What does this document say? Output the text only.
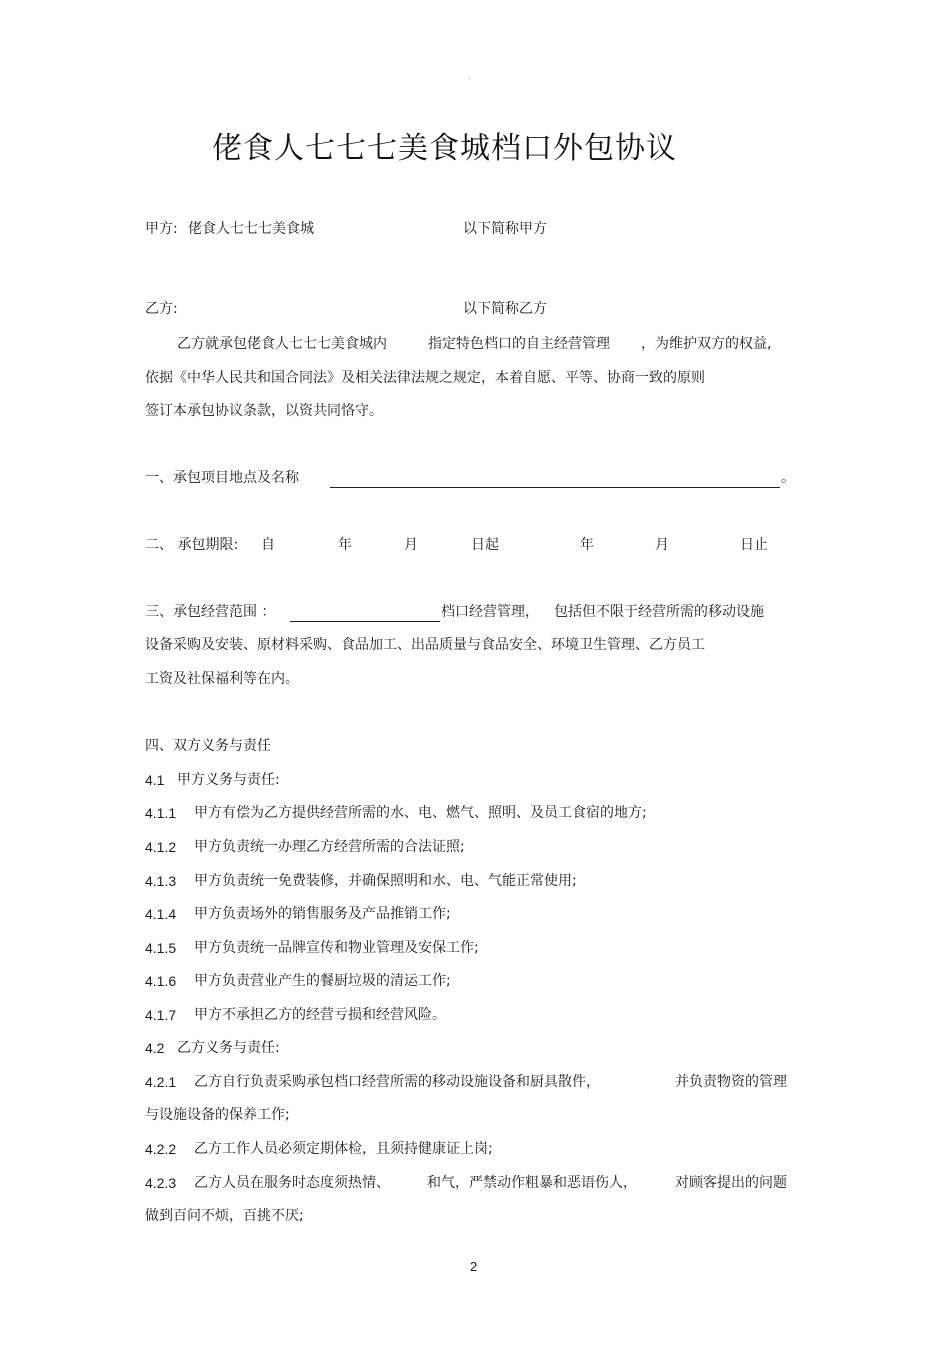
。
佬食人七七七美食城档口外包协议
甲方: 佬食人七七七美食城	以下简称甲方
乙方:	以下简称乙方
乙方就承包佬食人七七七美食城内	指定特色档口的自主经营管理 ，为维护双方的权益,
依据《中华人民共和国合同法》及相关法律法规之规定，本着自愿、平等、协商一致的原则
签订本承包协议条款，以资共同恪守。
一、承包项目地点及名称	。
二、 承包期限: 自	年	月	日起	年	月	日止
三、承包经营范围 ：	档口经营管理， 包括但不限于经营所需的移动设施
设备采购及安装、原材料采购、食品加工、出品质量与食品安全、环境卫生管理、乙方员工
工资及社保福利等在内。
四、双方义务与责任
4.1 甲方义务与责任:
4.1.1 甲方有偿为乙方提供经营所需的水、电、燃气、照明、及员工食宿的地方;
4.1.2 甲方负责统一办理乙方经营所需的合法证照;
4.1.3 甲方负责统一免费装修，并确保照明和水、电、气能正常使用;
4.1.4 甲方负责场外的销售服务及产品推销工作;
4.1.5 甲方负责统一品牌宣传和物业管理及安保工作;
4.1.6 甲方负责营业产生的餐厨垃圾的清运工作;
4.1.7 甲方不承担乙方的经营亏损和经营风险。
4.2 乙方义务与责任:
4.2.1 乙方自行负责采购承包档口经营所需的移动设施设备和厨具散件，	并负责物资的管理
与设施设备的保养工作;
4.2.2 乙方工作人员必须定期体检，且须持健康证上岗;
4.2.3 乙方人员在服务时态度须热情、	和气，严禁动作粗暴和恶语伤人，	对顾客提出的问题
做到百问不烦，百挑不厌;
2
